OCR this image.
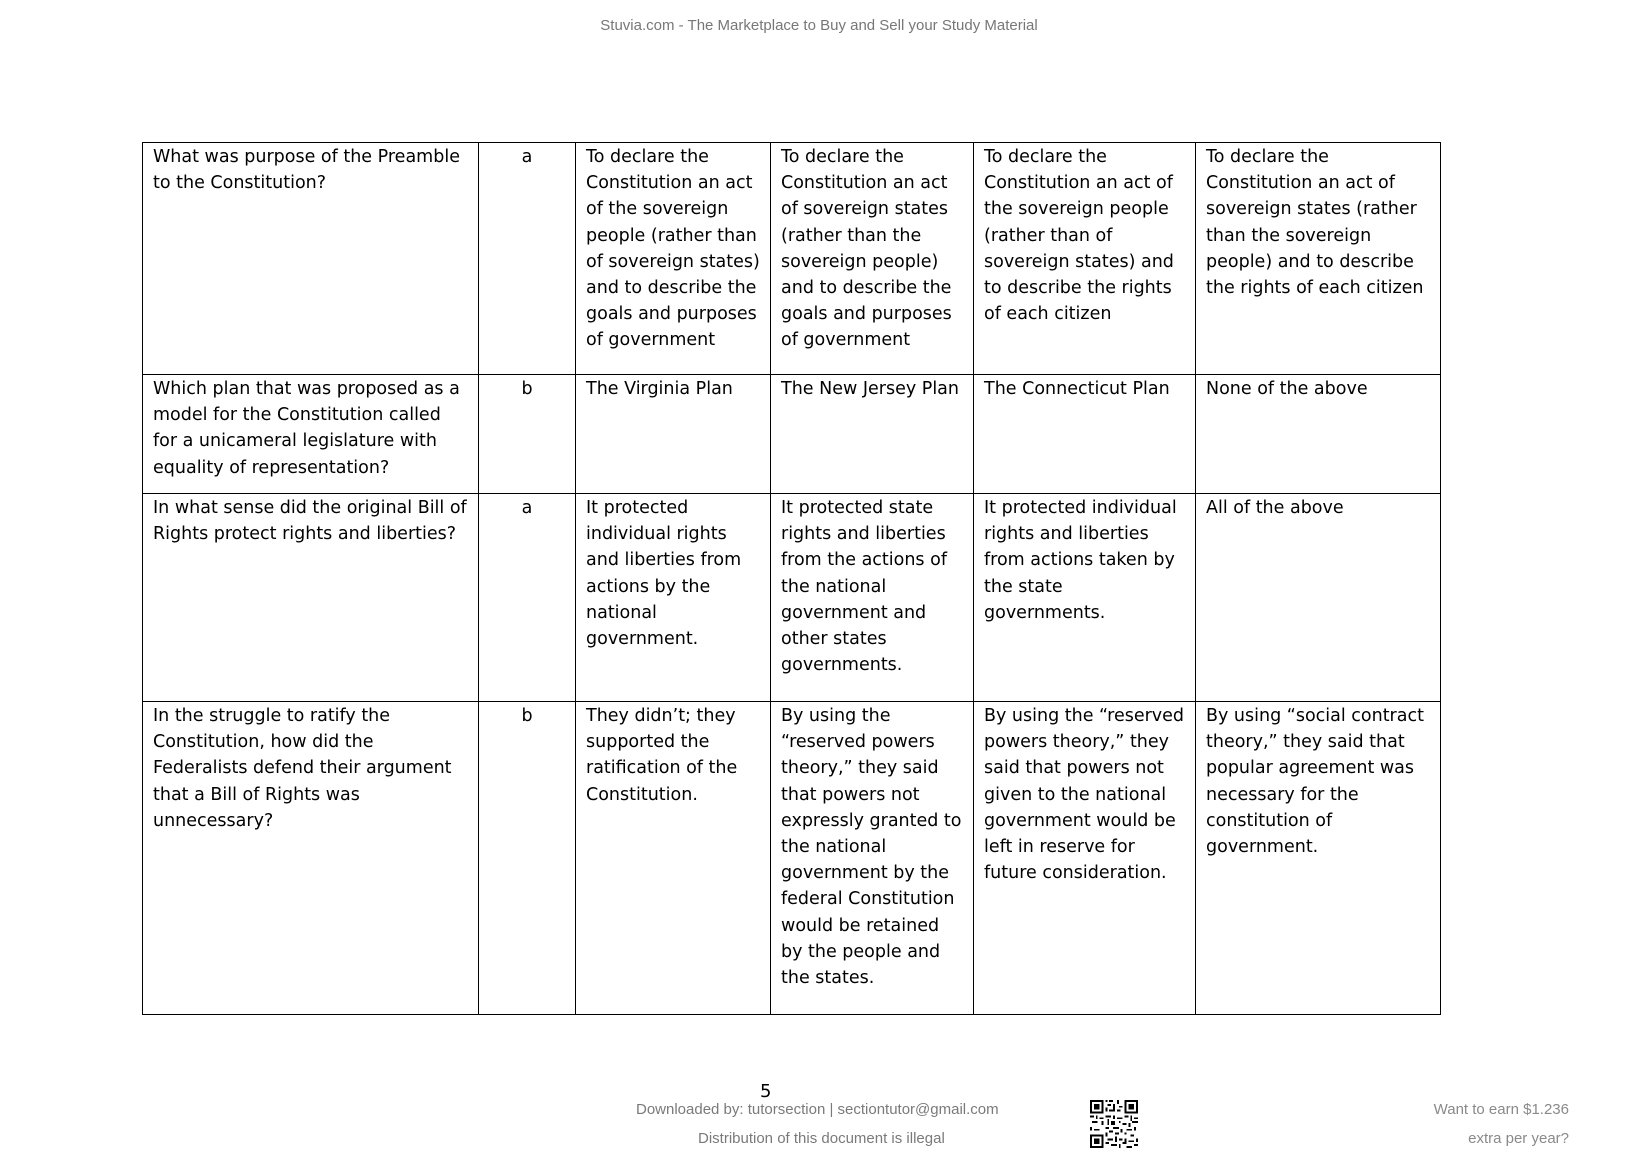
Stuvia.com - The Marketplace to Buy and Sell your Study Material
What was purpose of the Preamble to the Constitution?	a	To declare the Constitution an act of the sovereign people (rather than of sovereign states) and to describe the goals and purposes of government	To declare the Constitution an act of sovereign states (rather than the sovereign people) and to describe the goals and purposes of government	To declare the Constitution an act of the sovereign people (rather than of sovereign states) and to describe the rights of each citizen	To declare the Constitution an act of sovereign states (rather than the sovereign people) and to describe the rights of each citizen
Which plan that was proposed as a model for the Constitution called for a unicameral legislature with equality of representation?	b	The Virginia Plan	The New Jersey Plan	The Connecticut Plan	None of the above
In what sense did the original Bill of Rights protect rights and liberties?	a	It protected individual rights and liberties from actions by the national government.	It protected state rights and liberties from the actions of the national government and other states governments.	It protected individual rights and liberties from actions taken by the state governments.	All of the above
In the struggle to ratify the Constitution, how did the Federalists defend their argument that a Bill of Rights was unnecessary?	b	They didn’t; they supported the ratification of the Constitution.	By using the “reserved powers theory,” they said that powers not expressly granted to the national government by the federal Constitution would be retained by the people and the states.	By using the “reserved powers theory,” they said that powers not given to the national government would be left in reserve for future consideration.	By using “social contract theory,” they said that popular agreement was necessary for the constitution of government.
5
Downloaded by: tutorsection | sectiontutor@gmail.com
Distribution of this document is illegal
Want to earn $1.236
extra per year?
